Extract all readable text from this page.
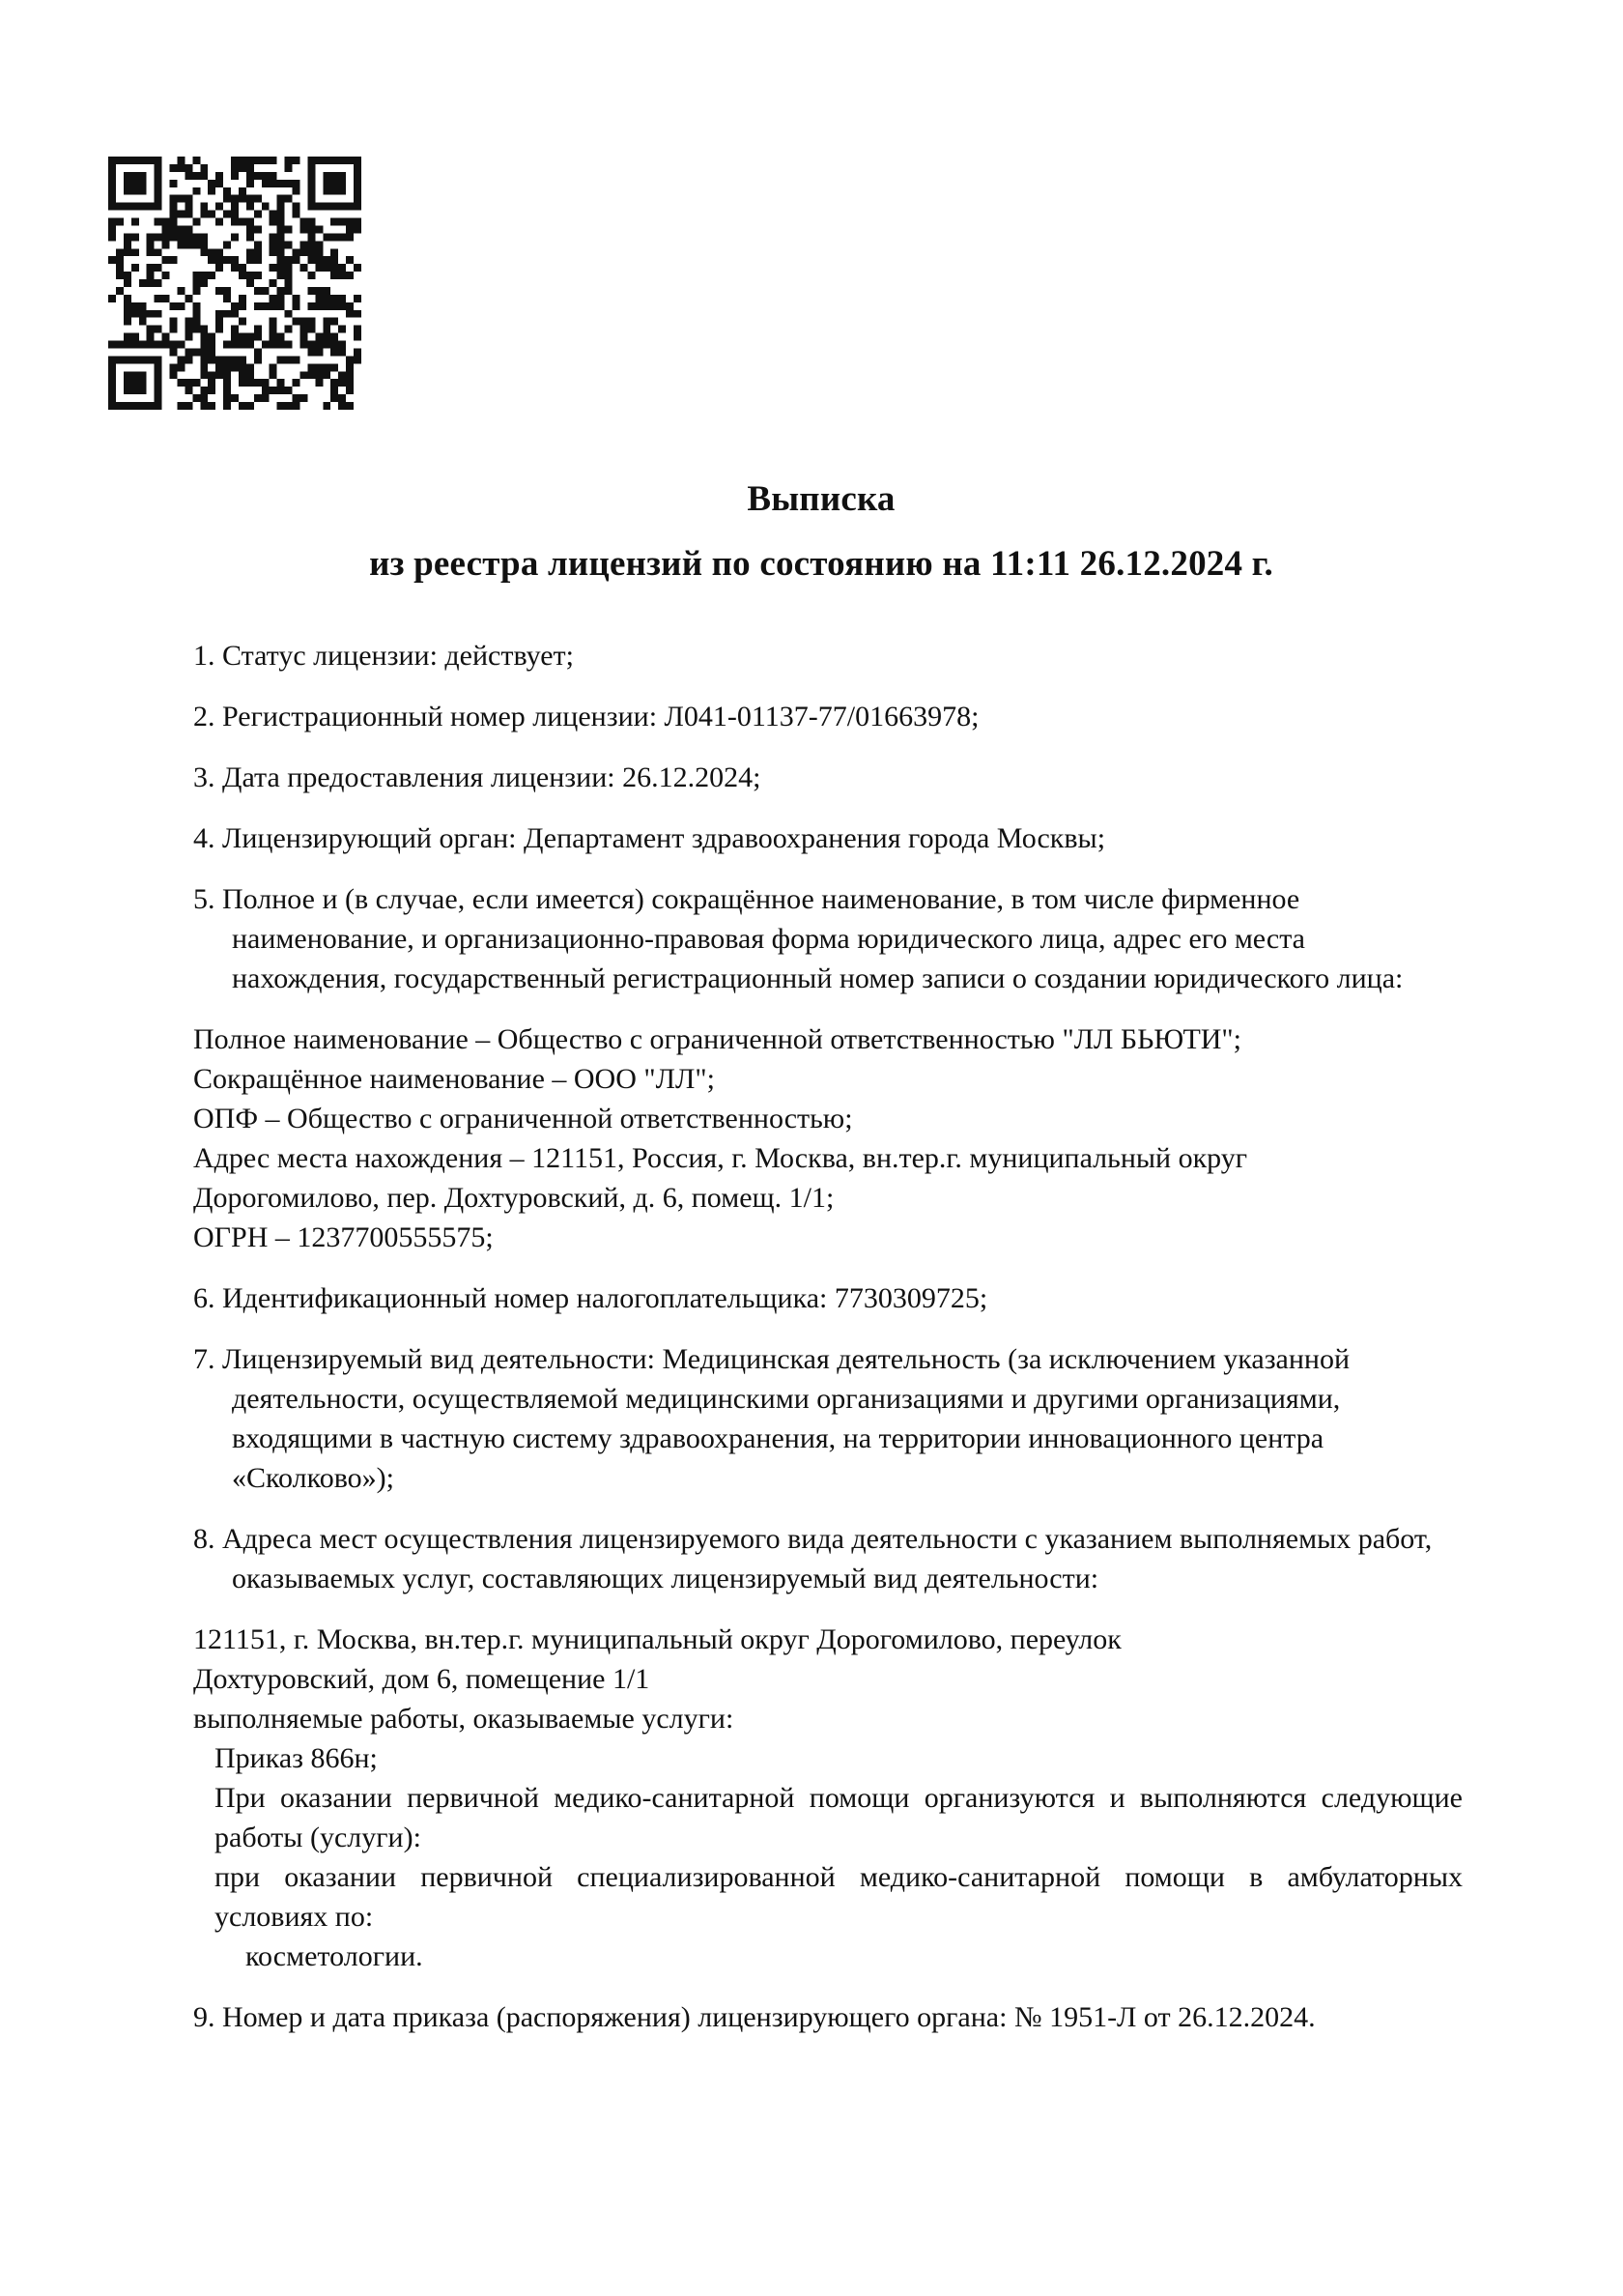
Выписка
из реестра лицензий по состоянию на 11:11 26.12.2024 г.
1. Статус лицензии: действует;
2. Регистрационный номер лицензии: Л041-01137-77/01663978;
3. Дата предоставления лицензии: 26.12.2024;
4. Лицензирующий орган: Департамент здравоохранения города Москвы;
5. Полное и (в случае, если имеется) сокращённое наименование, в том числе фирменное наименование, и организационно-правовая форма юридического лица, адрес его места нахождения, государственный регистрационный номер записи о создании юридического лица:
Полное наименование – Общество с ограниченной ответственностью "ЛЛ БЬЮТИ";
Сокращённое наименование – ООО "ЛЛ";
ОПФ – Общество с ограниченной ответственностью;
Адрес места нахождения – 121151, Россия, г. Москва, вн.тер.г. муниципальный округ
Дорогомилово, пер. Дохтуровский, д. 6, помещ. 1/1;
ОГРН – 1237700555575;
6. Идентификационный номер налогоплательщика: 7730309725;
7. Лицензируемый вид деятельности: Медицинская деятельность (за исключением указанной деятельности, осуществляемой медицинскими организациями и другими организациями, входящими в частную систему здравоохранения, на территории инновационного центра «Сколково»);
8. Адреса мест осуществления лицензируемого вида деятельности с указанием выполняемых работ, оказываемых услуг, составляющих лицензируемый вид деятельности:
121151, г. Москва, вн.тер.г. муниципальный округ Дорогомилово, переулок
Дохтуровский, дом 6, помещение 1/1
выполняемые работы, оказываемые услуги:
Приказ 866н;
При оказании первичной медико-санитарной помощи организуются и выполняются следующие работы (услуги):
при оказании первичной специализированной медико-санитарной помощи в амбулаторных условиях по:
косметологии.
9. Номер и дата приказа (распоряжения) лицензирующего органа: № 1951-Л от 26.12.2024.
